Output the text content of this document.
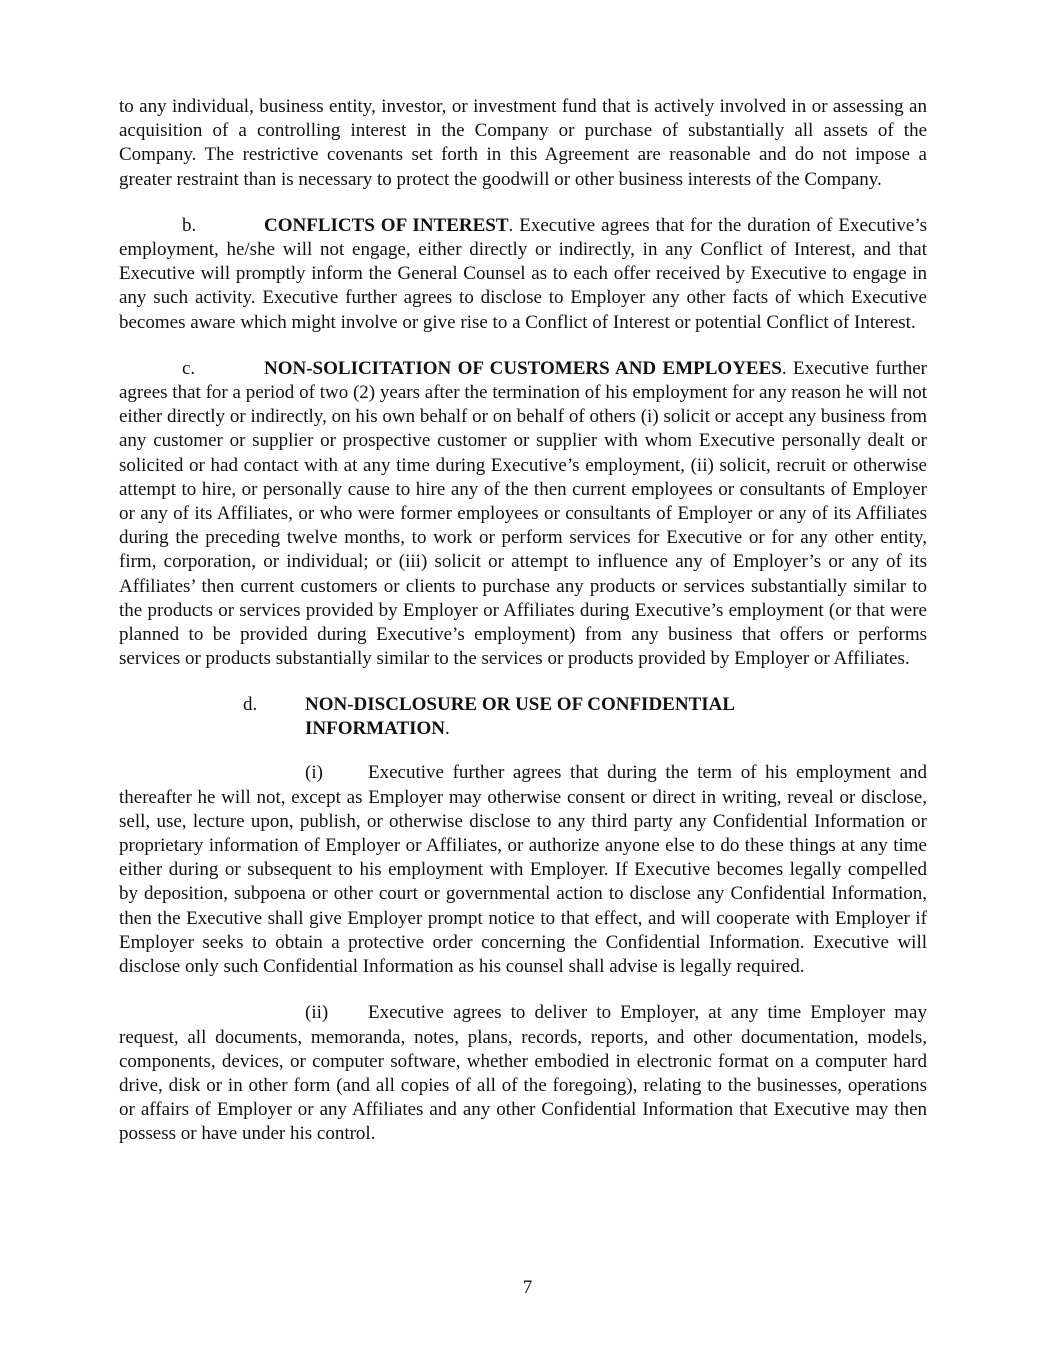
to any individual, business entity, investor, or investment fund that is actively involved in or assessing an acquisition of a controlling interest in the Company or purchase of substantially all assets of the Company. The restrictive covenants set forth in this Agreement are reasonable and do not impose a greater restraint than is necessary to protect the goodwill or other business interests of the Company.

b.	CONFLICTS OF INTEREST. Executive agrees that for the duration of Executive’s employment, he/she will not engage, either directly or indirectly, in any Conflict of Interest, and that Executive will promptly inform the General Counsel as to each offer received by Executive to engage in any such activity. Executive further agrees to disclose to Employer any other facts of which Executive becomes aware which might involve or give rise to a Conflict of Interest or potential Conflict of Interest.

c.	NON-SOLICITATION OF CUSTOMERS AND EMPLOYEES. Executive further agrees that for a period of two (2) years after the termination of his employment for any reason he will not either directly or indirectly, on his own behalf or on behalf of others (i) solicit or accept any business from any customer or supplier or prospective customer or supplier with whom Executive personally dealt or solicited or had contact with at any time during Executive’s employment, (ii) solicit, recruit or otherwise attempt to hire, or personally cause to hire any of the then current employees or consultants of Employer or any of its Affiliates, or who were former employees or consultants of Employer or any of its Affiliates during the preceding twelve months, to work or perform services for Executive or for any other entity, firm, corporation, or individual; or (iii) solicit or attempt to influence any of Employer’s or any of its Affiliates’ then current customers or clients to purchase any products or services substantially similar to the products or services provided by Employer or Affiliates during Executive’s employment (or that were planned to be provided during Executive’s employment) from any business that offers or performs services or products substantially similar to the services or products provided by Employer or Affiliates.

d.	NON-DISCLOSURE OR USE OF CONFIDENTIAL
INFORMATION.

(i) Executive further agrees that during the term of his employment and thereafter he will not, except as Employer may otherwise consent or direct in writing, reveal or disclose, sell, use, lecture upon, publish, or otherwise disclose to any third party any Confidential Information or proprietary information of Employer or Affiliates, or authorize anyone else to do these things at any time either during or subsequent to his employment with Employer. If Executive becomes legally compelled by deposition, subpoena or other court or governmental action to disclose any Confidential Information, then the Executive shall give Employer prompt notice to that effect, and will cooperate with Employer if Employer seeks to obtain a protective order concerning the Confidential Information. Executive will disclose only such Confidential Information as his counsel shall advise is legally required.

(ii) Executive agrees to deliver to Employer, at any time Employer may request, all documents, memoranda, notes, plans, records, reports, and other documentation, models, components, devices, or computer software, whether embodied in electronic format on a computer hard drive, disk or in other form (and all copies of all of the foregoing), relating to the businesses, operations or affairs of Employer or any Affiliates and any other Confidential Information that Executive may then possess or have under his control.

7
